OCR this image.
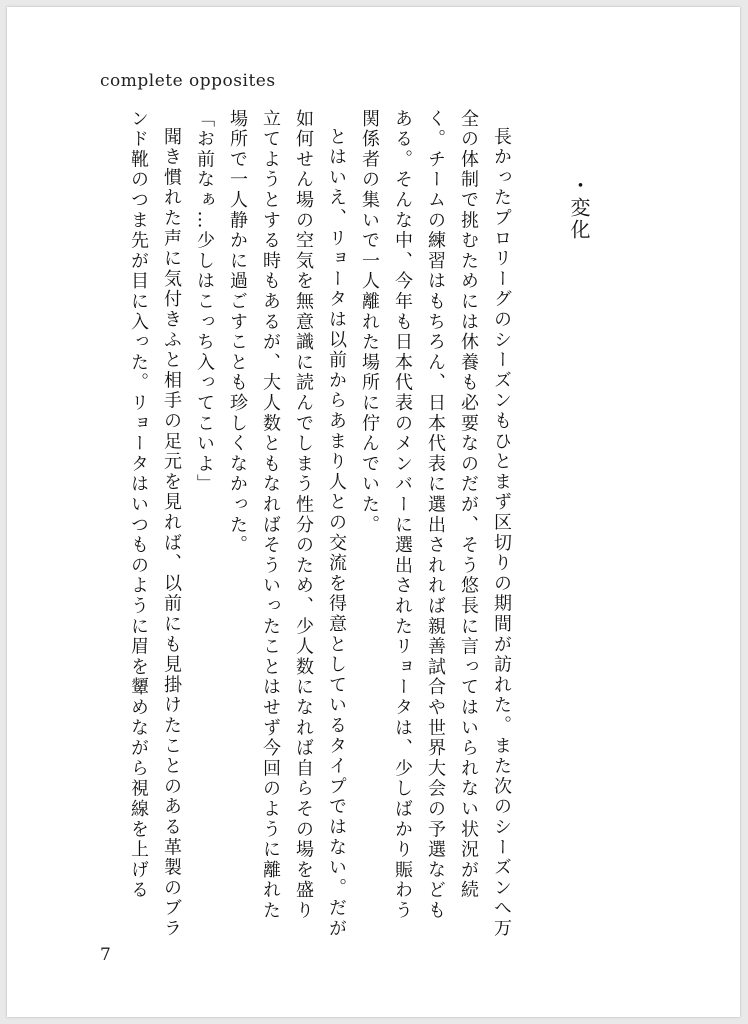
complete opposites
・変化

長かったプロリーグのシーズンもひとまず区切りの期間が訪れた。また次のシーズンへ万全の体制で挑むためには休養も必要なのだが、そう悠長に言ってはいられない状況が続く。チームの練習はもちろん、日本代表に選出されれば親善試合や世界大会の予選などもある。そんな中、今年も日本代表のメンバーに選出されたリョータは、少しばかり賑わう関係者の集いで一人離れた場所に佇んでいた。

とはいえ、リョータは以前からあまり人との交流を得意としているタイプではない。だが如何せん場の空気を無意識に読んでしまう性分のため、少人数になれば自らその場を盛り立てようとする時もあるが、大人数ともなればそういったことはせず今回のように離れた場所で一人静かに過ごすことも珍しくなかった。

「お前なぁ…少しはこっち入ってこいよ」

聞き慣れた声に気付きふと相手の足元を見れば、以前にも見掛けたことのある革製のブランド靴のつま先が目に入った。リョータはいつものように眉を顰めながら視線を上げる

7
